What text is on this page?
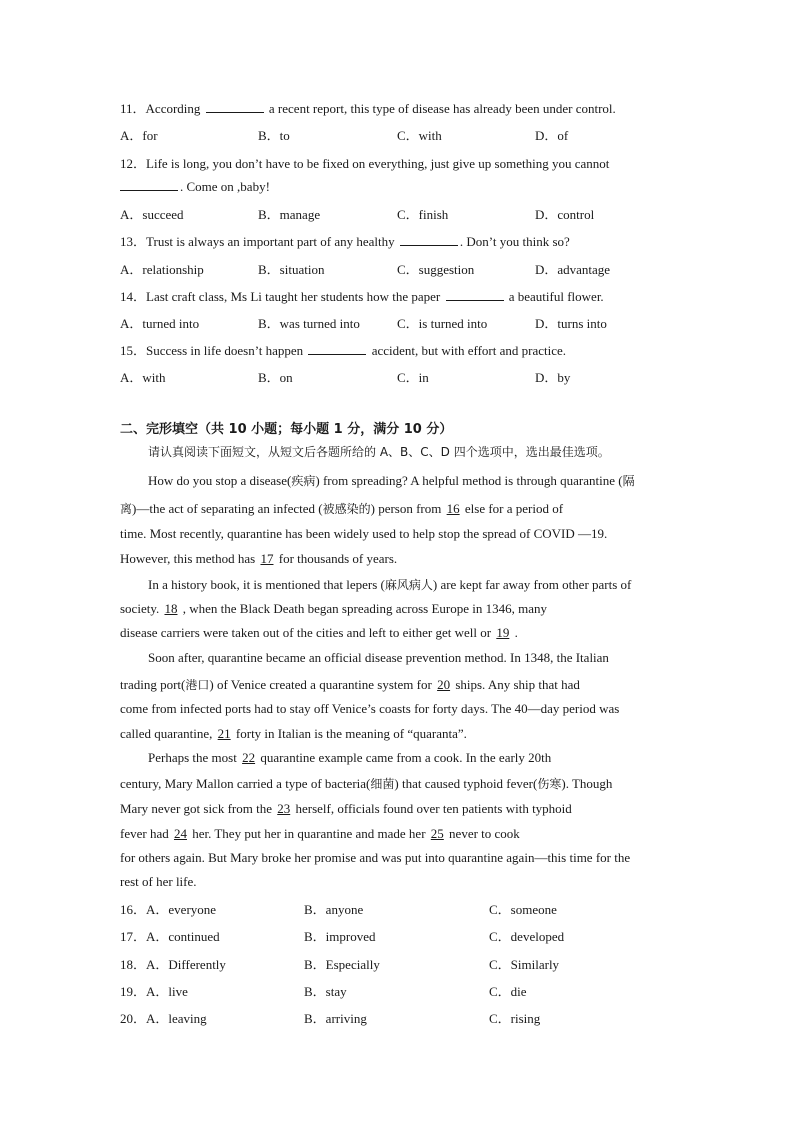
11．According	a recent report, this type of disease has already been under control.
A．for	B．to	C．with	D．of
12．Life is long, you don’t have to be fixed on everything, just give up something you cannot
. Come on ,baby!
A．succeed	B．manage	C．finish	D．control
13．Trust is always an important part of any healthy	. Don’t you think so?
A．relationship	B．situation	C．suggestion	D．advantage
14．Last craft class, Ms Li taught her students how the paper	a beautiful flower.
A．turned into	B．was turned into	C．is turned into	D．turns into
15．Success in life doesn’t happen	accident, but with effort and practice.
A．with	B．on	C．in	D．by
二、完形填空（共 10 小题；每小题 1 分，满分 10 分）
请认真阅读下面短文，从短文后各题所给的 A、B、C、D 四个选项中，选出最佳选项。
How do you stop a disease(疾病) from spreading? A helpful method is through quarantine (隔
离)—the act of separating an infected (被感染的) person from 16 else for a period of
time. Most recently, quarantine has been widely used to help stop the spread of COVID —19.
However, this method has 17 for thousands of years.
In a history book, it is mentioned that lepers (麻风病人) are kept far away from other parts of
society. 18 , when the Black Death began spreading across Europe in 1346, many
disease carriers were taken out of the cities and left to either get well or 19 .
Soon after, quarantine became an official disease prevention method. In 1348, the Italian
trading port(港口) of Venice created a quarantine system for 20 ships. Any ship that had
come from infected ports had to stay off Venice’s coasts for forty days. The 40—day period was
called quarantine, 21 forty in Italian is the meaning of “quaranta”.
Perhaps the most 22 quarantine example came from a cook. In the early 20th
century, Mary Mallon carried a type of bacteria(细菌) that caused typhoid fever(伤寒). Though
Mary never got sick from the 23 herself, officials found over ten patients with typhoid
fever had 24 her. They put her in quarantine and made her 25 never to cook
for others again. But Mary broke her promise and was put into quarantine again—this time for the
rest of her life.
16．A．everyone	B．anyone	C．someone
17．A．continued	B．improved	C．developed
18．A．Differently	B．Especially	C．Similarly
19．A．live	B．stay	C．die
20．A．leaving	B．arriving	C．rising
